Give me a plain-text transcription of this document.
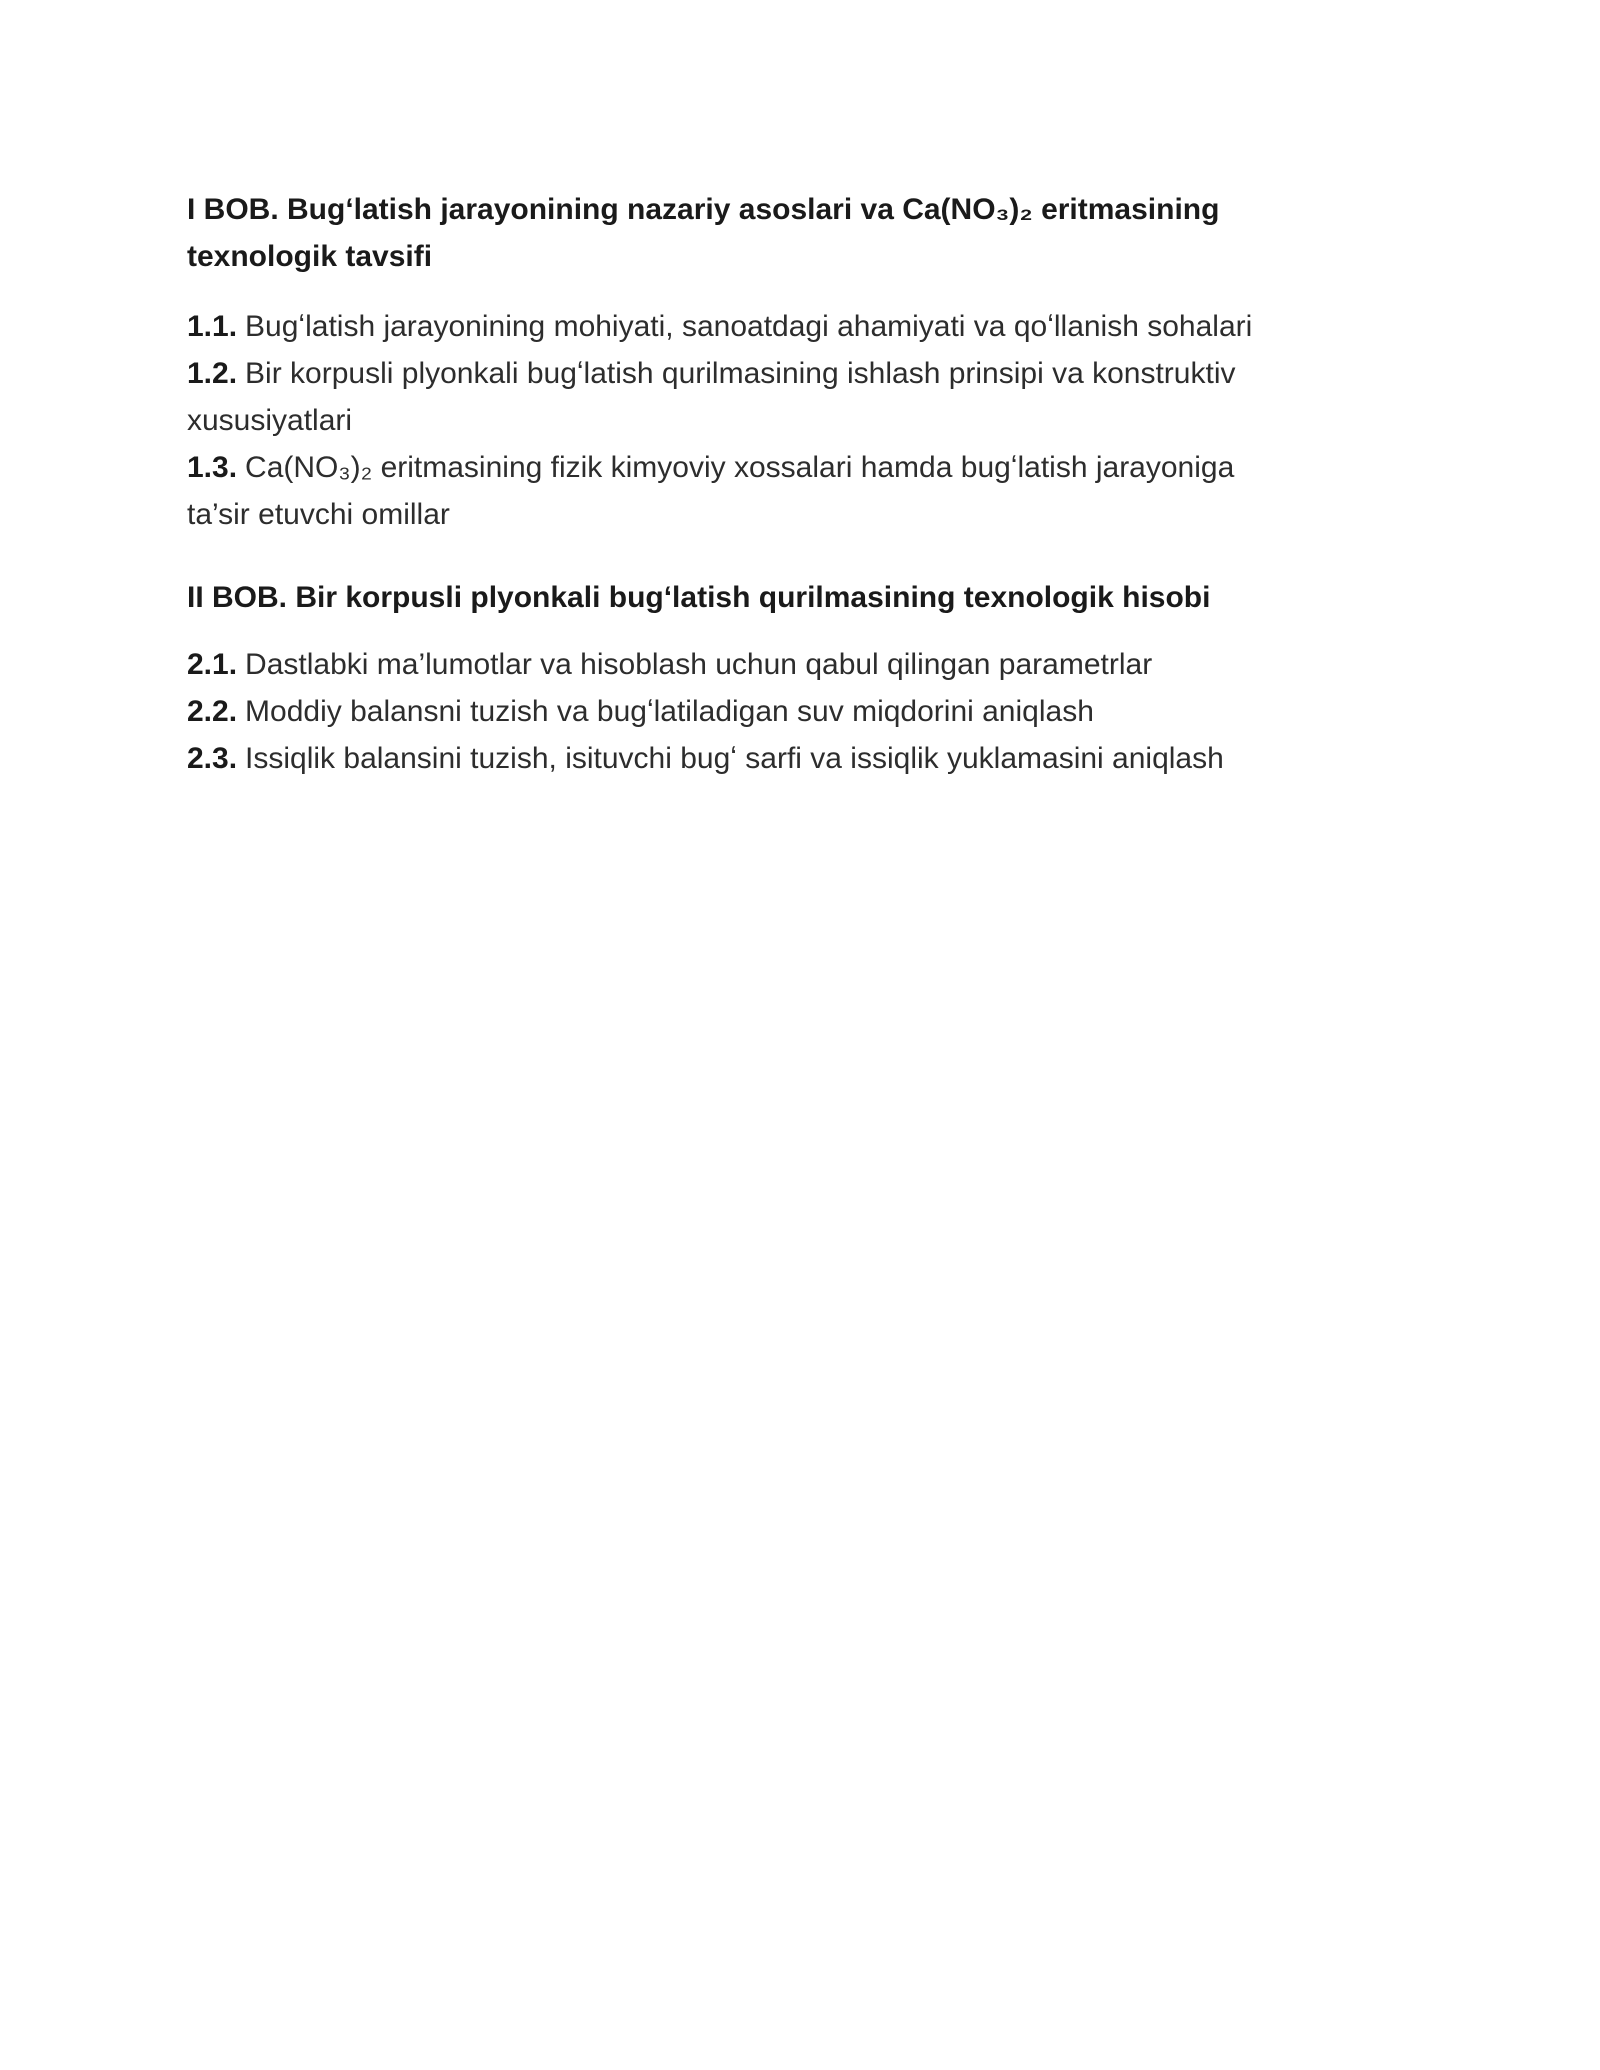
I BOB. Bugʻlatish jarayonining nazariy asoslari va Ca(NO₃)₂ eritmasining
texnologik tavsifi
1.1. Bugʻlatish jarayonining mohiyati, sanoatdagi ahamiyati va qoʻllanish sohalari
1.2. Bir korpusli plyonkali bugʻlatish qurilmasining ishlash prinsipi va konstruktiv
xususiyatlari
1.3. Ca(NO₃)₂ eritmasining fizik kimyoviy xossalari hamda bugʻlatish jarayoniga
ta’sir etuvchi omillar
II BOB. Bir korpusli plyonkali bugʻlatish qurilmasining texnologik hisobi
2.1. Dastlabki ma’lumotlar va hisoblash uchun qabul qilingan parametrlar
2.2. Moddiy balansni tuzish va bugʻlatiladigan suv miqdorini aniqlash
2.3. Issiqlik balansini tuzish, isituvchi bugʻ sarfi va issiqlik yuklamasini aniqlash
